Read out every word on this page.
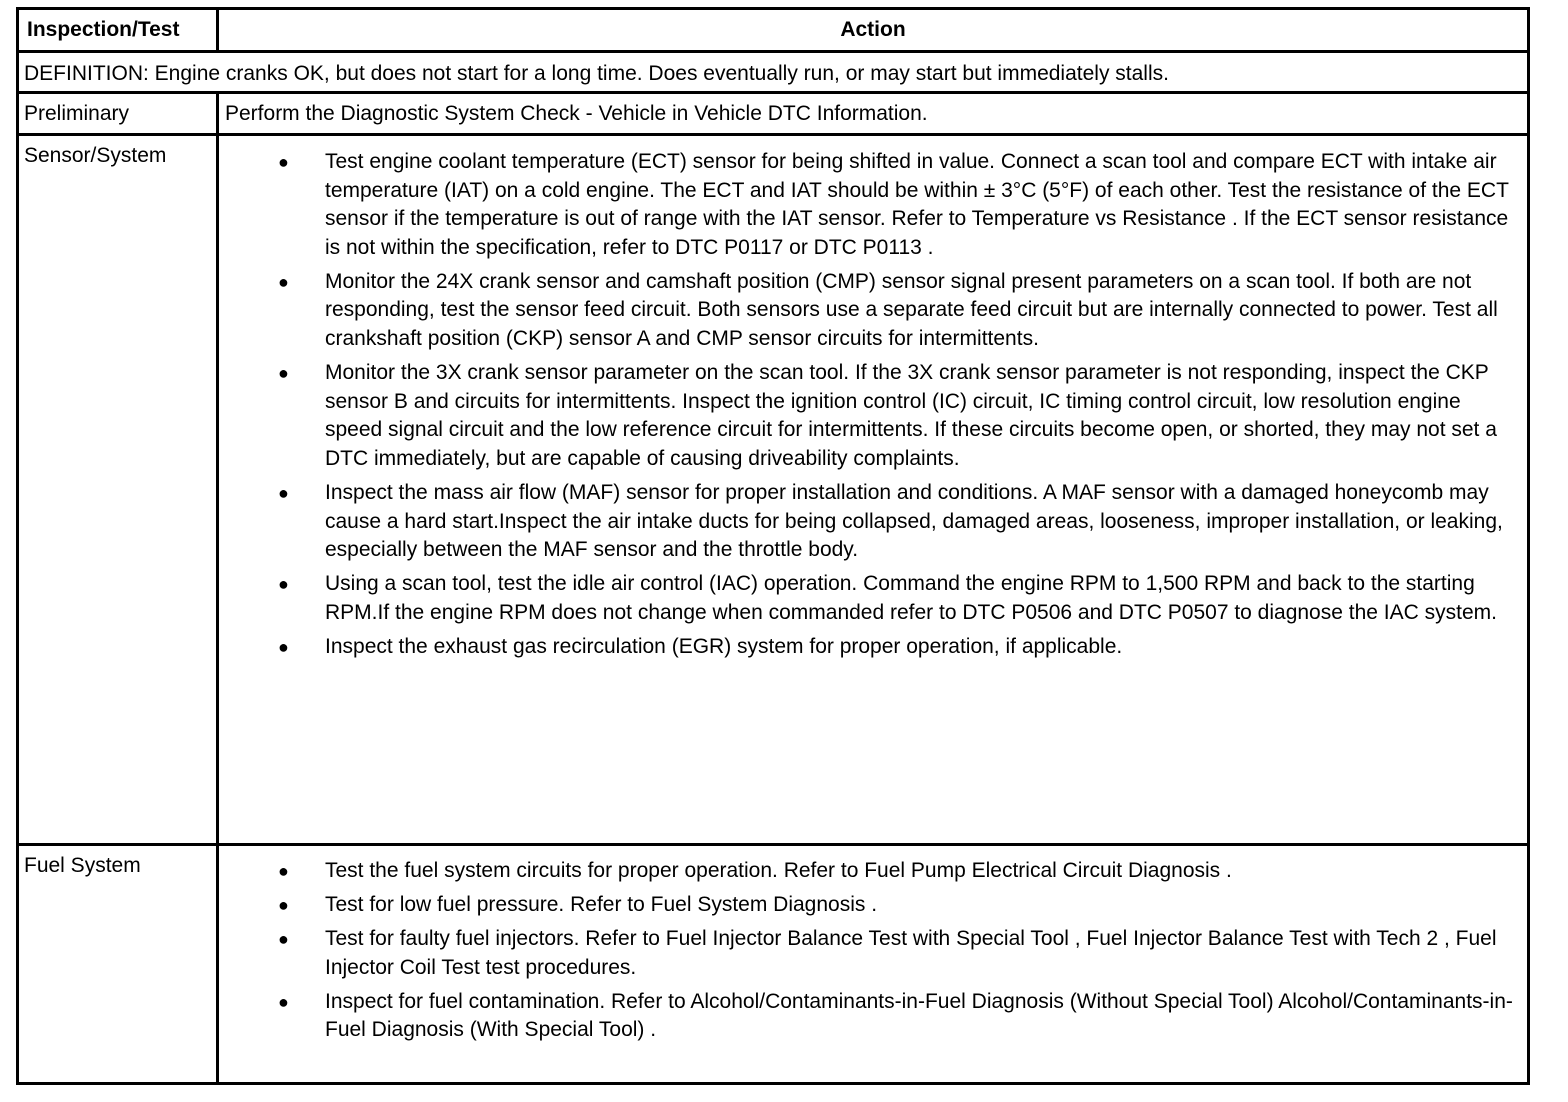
Inspection/Test	Action
DEFINITION: Engine cranks OK, but does not start for a long time. Does eventually run, or may start but immediately stalls.
Preliminary	Perform the Diagnostic System Check - Vehicle in Vehicle DTC Information.
Sensor/System	● Test engine coolant temperature (ECT) sensor for being shifted in value. Connect a scan tool and compare ECT with intake air temperature (IAT) on a cold engine. The ECT and IAT should be within ± 3°C (5°F) of each other. Test the resistance of the ECT sensor if the temperature is out of range with the IAT sensor. Refer to Temperature vs Resistance . If the ECT sensor resistance is not within the specification, refer to DTC P0117 or DTC P0113 .
● Monitor the 24X crank sensor and camshaft position (CMP) sensor signal present parameters on a scan tool. If both are not responding, test the sensor feed circuit. Both sensors use a separate feed circuit but are internally connected to power. Test all crankshaft position (CKP) sensor A and CMP sensor circuits for intermittents.
● Monitor the 3X crank sensor parameter on the scan tool. If the 3X crank sensor parameter is not responding, inspect the CKP sensor B and circuits for intermittents. Inspect the ignition control (IC) circuit, IC timing control circuit, low resolution engine speed signal circuit and the low reference circuit for intermittents. If these circuits become open, or shorted, they may not set a DTC immediately, but are capable of causing driveability complaints.
● Inspect the mass air flow (MAF) sensor for proper installation and conditions. A MAF sensor with a damaged honeycomb may cause a hard start.Inspect the air intake ducts for being collapsed, damaged areas, looseness, improper installation, or leaking, especially between the MAF sensor and the throttle body.
● Using a scan tool, test the idle air control (IAC) operation. Command the engine RPM to 1,500 RPM and back to the starting RPM.If the engine RPM does not change when commanded refer to DTC P0506 and DTC P0507 to diagnose the IAC system.
● Inspect the exhaust gas recirculation (EGR) system for proper operation, if applicable.
Fuel System	● Test the fuel system circuits for proper operation. Refer to Fuel Pump Electrical Circuit Diagnosis .
● Test for low fuel pressure. Refer to Fuel System Diagnosis .
● Test for faulty fuel injectors. Refer to Fuel Injector Balance Test with Special Tool , Fuel Injector Balance Test with Tech 2 , Fuel Injector Coil Test test procedures.
● Inspect for fuel contamination. Refer to Alcohol/Contaminants-in-Fuel Diagnosis (Without Special Tool) Alcohol/Contaminants-in-Fuel Diagnosis (With Special Tool) .
